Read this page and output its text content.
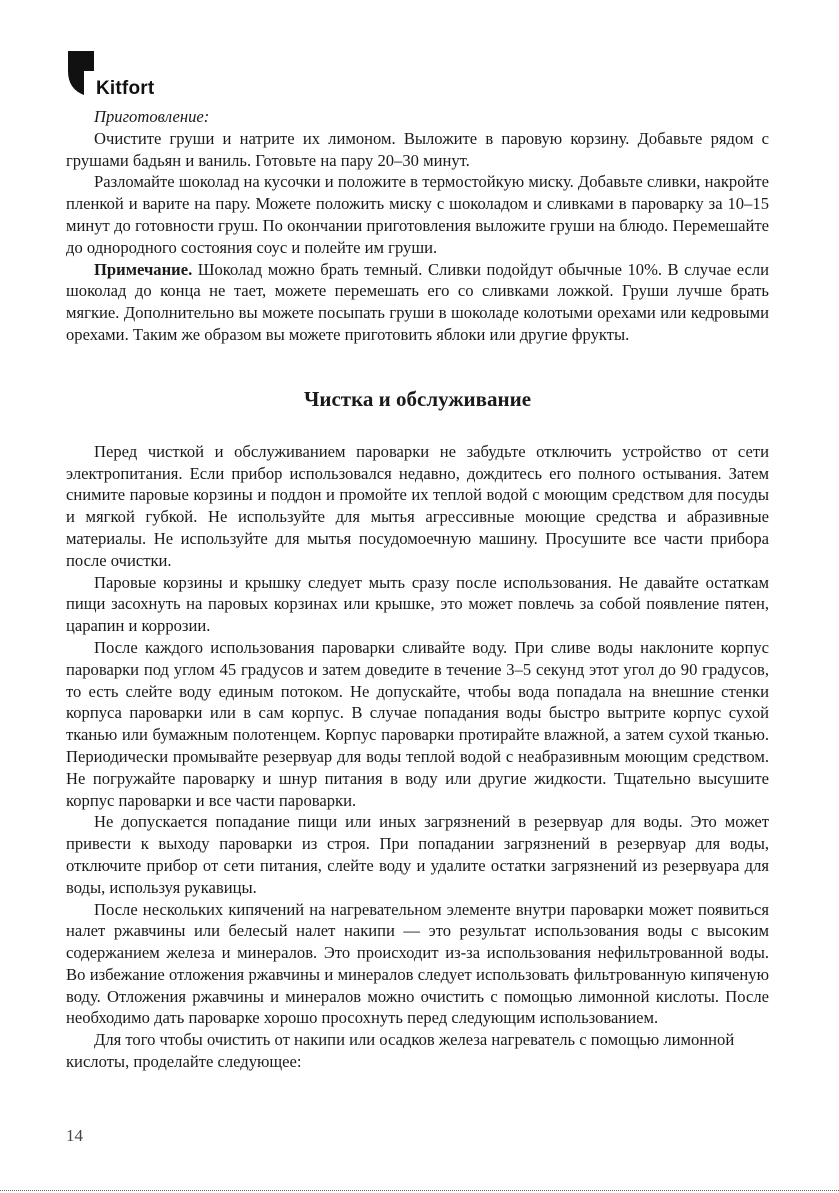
Kitfort

Приготовление:

Очистите груши и натрите их лимоном. Выложите в паровую корзину. Добавьте рядом с грушами бадьян и ваниль. Готовьте на пару 20–30 минут.

Разломайте шоколад на кусочки и положите в термостойкую миску. Добавьте сливки, накройте пленкой и варите на пару. Можете положить миску с шоколадом и сливками в пароварку за 10–15 минут до готовности груш. По окончании приготовления выложите груши на блюдо. Перемешайте до однородного состояния соус и полейте им груши.

Примечание. Шоколад можно брать темный. Сливки подойдут обычные 10%. В случае если шоколад до конца не тает, можете перемешать его со сливками ложкой. Груши лучше брать мягкие. Дополнительно вы можете посыпать груши в шоколаде колотыми орехами или кедровыми орехами. Таким же образом вы можете приготовить яблоки или другие фрукты.

Чистка и обслуживание

Перед чисткой и обслуживанием пароварки не забудьте отключить устройство от сети электропитания. Если прибор использовался недавно, дождитесь его полного остывания. Затем снимите паровые корзины и поддон и промойте их теплой водой с моющим средством для посуды и мягкой губкой. Не используйте для мытья агрессивные моющие средства и абразивные материалы. Не используйте для мытья посудомоечную машину. Просушите все части прибора после очистки.

Паровые корзины и крышку следует мыть сразу после использования. Не давайте остаткам пищи засохнуть на паровых корзинах или крышке, это может повлечь за собой появление пятен, царапин и коррозии.

После каждого использования пароварки сливайте воду. При сливе воды наклоните корпус пароварки под углом 45 градусов и затем доведите в течение 3–5 секунд этот угол до 90 градусов, то есть слейте воду единым потоком. Не допускайте, чтобы вода попадала на внешние стенки корпуса пароварки или в сам корпус. В случае попадания воды быстро вытрите корпус сухой тканью или бумажным полотенцем. Корпус пароварки протирайте влажной, а затем сухой тканью. Периодически промывайте резервуар для воды теплой водой с неабразивным моющим средством. Не погружайте пароварку и шнур питания в воду или другие жидкости. Тщательно высушите корпус пароварки и все части пароварки.

Не допускается попадание пищи или иных загрязнений в резервуар для воды. Это может привести к выходу пароварки из строя. При попадании загрязнений в резервуар для воды, отключите прибор от сети питания, слейте воду и удалите остатки загрязнений из резервуара для воды, используя рукавицы.

После нескольких кипячений на нагревательном элементе внутри пароварки может появиться налет ржавчины или белесый налет накипи — это результат использования воды с высоким содержанием железа и минералов. Это происходит из-за использования нефильтрованной воды. Во избежание отложения ржавчины и минералов следует использовать фильтрованную кипяченую воду. Отложения ржавчины и минералов можно очистить с помощью лимонной кислоты. После необходимо дать пароварке хорошо просохнуть перед следующим использованием.

Для того чтобы очистить от накипи или осадков железа нагреватель с помощью лимонной кислоты, проделайте следующее:

14
